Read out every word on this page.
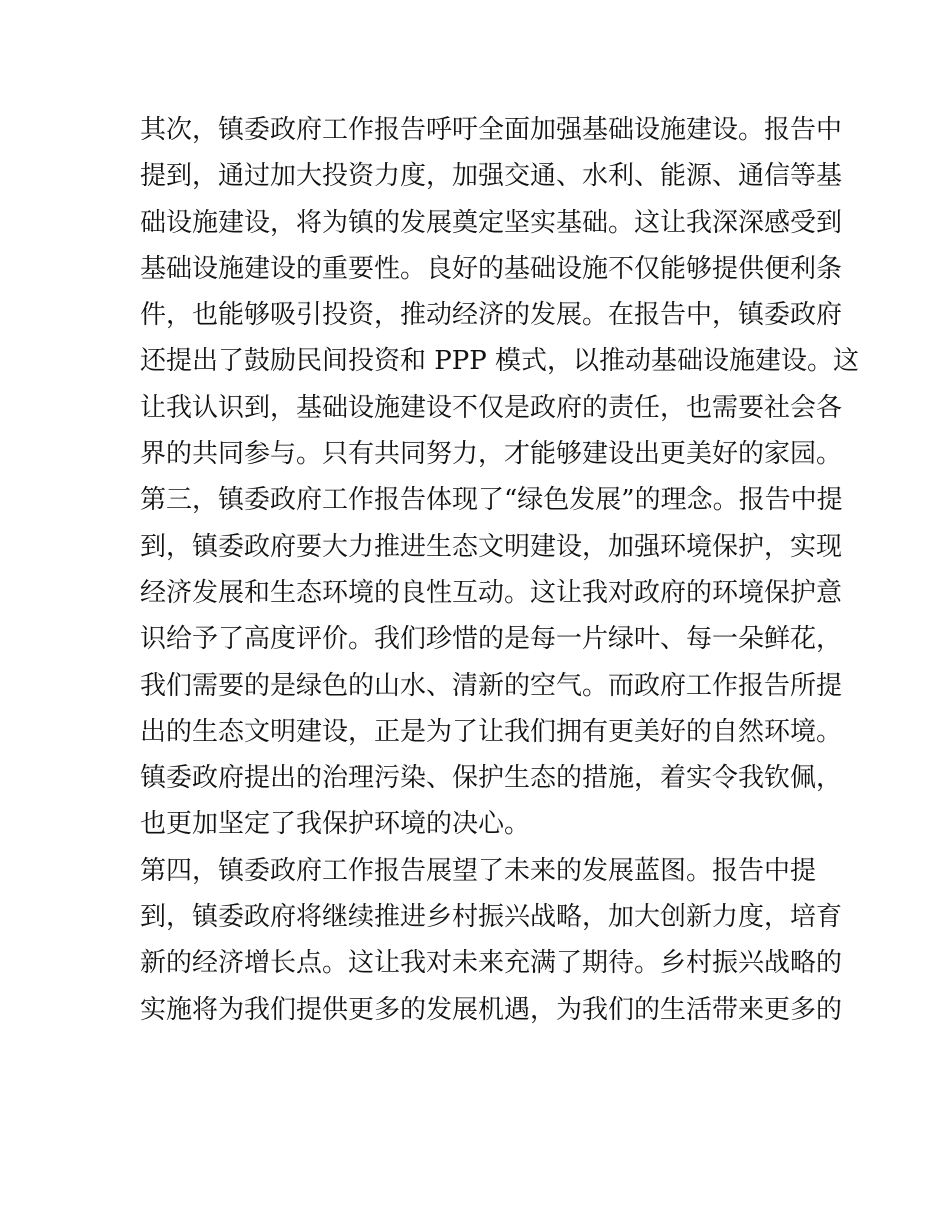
其次，镇委政府工作报告呼吁全面加强基础设施建设。报告中
提到，通过加大投资力度，加强交通、水利、能源、通信等基
础设施建设，将为镇的发展奠定坚实基础。这让我深深感受到
基础设施建设的重要性。良好的基础设施不仅能够提供便利条
件，也能够吸引投资，推动经济的发展。在报告中，镇委政府
还提出了鼓励民间投资和 PPP 模式，以推动基础设施建设。这
让我认识到，基础设施建设不仅是政府的责任，也需要社会各
界的共同参与。只有共同努力，才能够建设出更美好的家园。
第三，镇委政府工作报告体现了“绿色发展”的理念。报告中提
到，镇委政府要大力推进生态文明建设，加强环境保护，实现
经济发展和生态环境的良性互动。这让我对政府的环境保护意
识给予了高度评价。我们珍惜的是每一片绿叶、每一朵鲜花，
我们需要的是绿色的山水、清新的空气。而政府工作报告所提
出的生态文明建设，正是为了让我们拥有更美好的自然环境。
镇委政府提出的治理污染、保护生态的措施，着实令我钦佩，
也更加坚定了我保护环境的决心。
第四，镇委政府工作报告展望了未来的发展蓝图。报告中提
到，镇委政府将继续推进乡村振兴战略，加大创新力度，培育
新的经济增长点。这让我对未来充满了期待。乡村振兴战略的
实施将为我们提供更多的发展机遇，为我们的生活带来更多的
